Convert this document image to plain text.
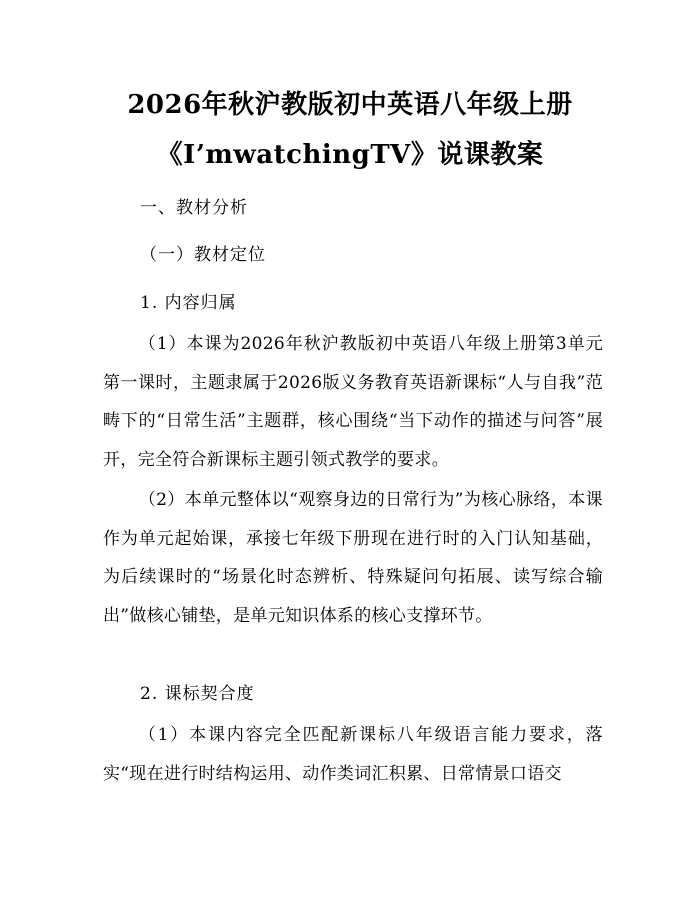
2026年秋沪教版初中英语八年级上册
《I’mwatchingTV》说课教案
一、教材分析
（一）教材定位
1. 内容归属
（1）本课为2026年秋沪教版初中英语八年级上册第3单元第一课时，主题隶属于2026版义务教育英语新课标“人与自我”范畴下的“日常生活”主题群，核心围绕“当下动作的描述与问答”展开，完全符合新课标主题引领式教学的要求。
（2）本单元整体以“观察身边的日常行为”为核心脉络，本课作为单元起始课，承接七年级下册现在进行时的入门认知基础，为后续课时的“场景化时态辨析、特殊疑问句拓展、读写综合输出”做核心铺垫，是单元知识体系的核心支撑环节。
2. 课标契合度
（1）本课内容完全匹配新课标八年级语言能力要求，落实“现在进行时结构运用、动作类词汇积累、日常情景口语交
